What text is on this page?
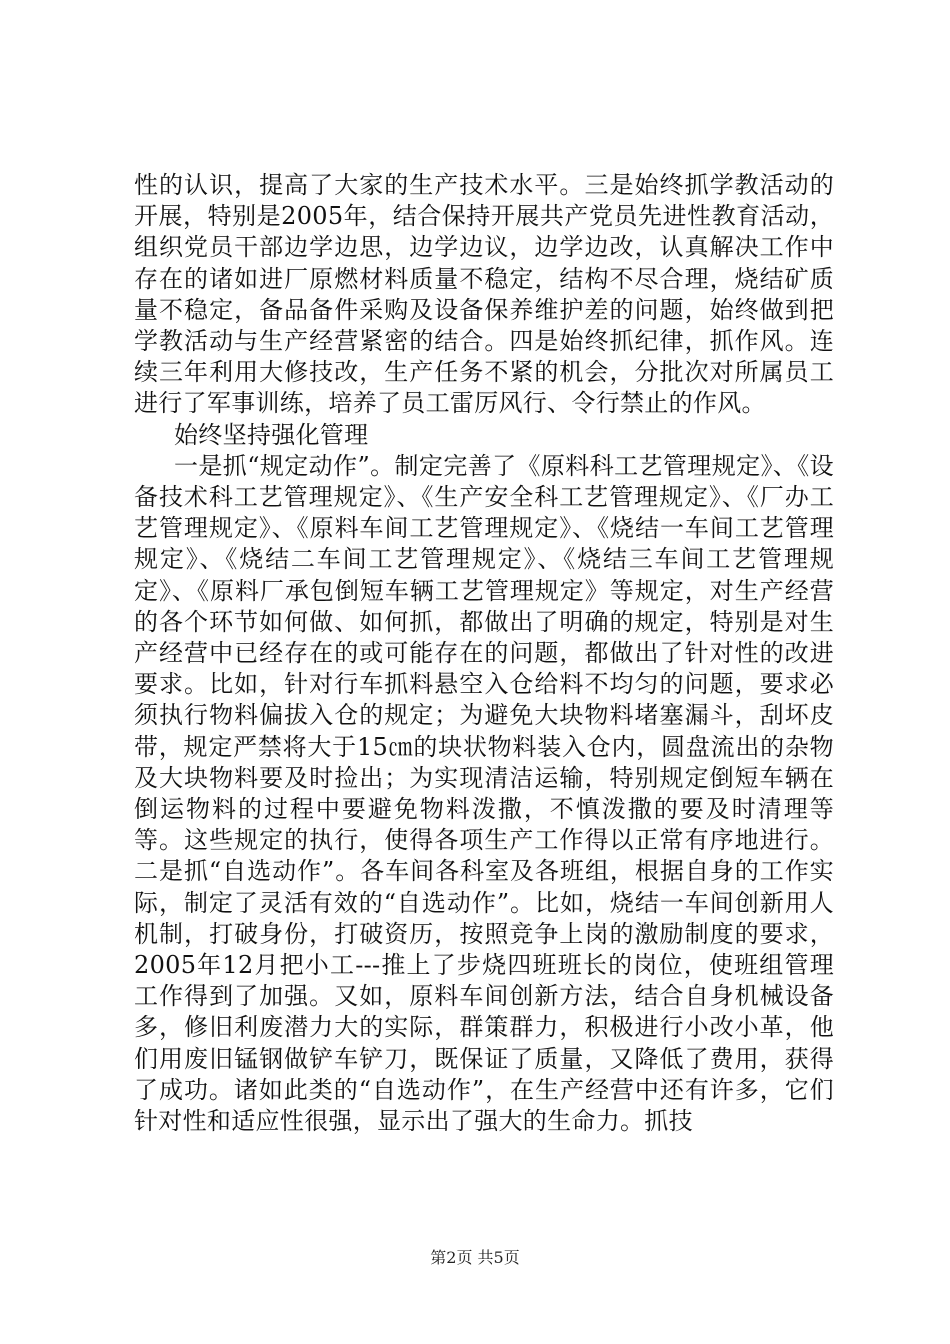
性的认识，提高了大家的生产技术水平。三是始终抓学教活动的开展，特别是2005年，结合保持开展共产党员先进性教育活动，组织党员干部边学边思，边学边议，边学边改，认真解决工作中存在的诸如进厂原燃材料质量不稳定，结构不尽合理，烧结矿质量不稳定，备品备件采购及设备保养维护差的问题，始终做到把学教活动与生产经营紧密的结合。四是始终抓纪律，抓作风。连续三年利用大修技改，生产任务不紧的机会，分批次对所属员工进行了军事训练，培养了员工雷厉风行、令行禁止的作风。

始终坚持强化管理

一是抓“规定动作”。制定完善了《原料科工艺管理规定》、《设备技术科工艺管理规定》、《生产安全科工艺管理规定》、《厂办工艺管理规定》、《原料车间工艺管理规定》、《烧结一车间工艺管理规定》、《烧结二车间工艺管理规定》、《烧结三车间工艺管理规定》、《原料厂承包倒短车辆工艺管理规定》等规定，对生产经营的各个环节如何做、如何抓，都做出了明确的规定，特别是对生产经营中已经存在的或可能存在的问题，都做出了针对性的改进要求。比如，针对行车抓料悬空入仓给料不均匀的问题，要求必须执行物料偏拔入仓的规定；为避免大块物料堵塞漏斗，刮坏皮带，规定严禁将大于15㎝的块状物料装入仓内，圆盘流出的杂物及大块物料要及时捡出；为实现清洁运输，特别规定倒短车辆在倒运物料的过程中要避免物料泼撒，不慎泼撒的要及时清理等等。这些规定的执行，使得各项生产工作得以正常有序地进行。二是抓“自选动作”。各车间各科室及各班组，根据自身的工作实际，制定了灵活有效的“自选动作”。比如，烧结一车间创新用人机制，打破身份，打破资历，按照竞争上岗的激励制度的要求，2005年12月把小工---推上了步烧四班班长的岗位，使班组管理工作得到了加强。又如，原料车间创新方法，结合自身机械设备多，修旧利废潜力大的实际，群策群力，积极进行小改小革，他们用废旧锰钢做铲车铲刀，既保证了质量，又降低了费用，获得了成功。诸如此类的“自选动作”，在生产经营中还有许多，它们针对性和适应性很强，显示出了强大的生命力。抓技

第2页 共5页
